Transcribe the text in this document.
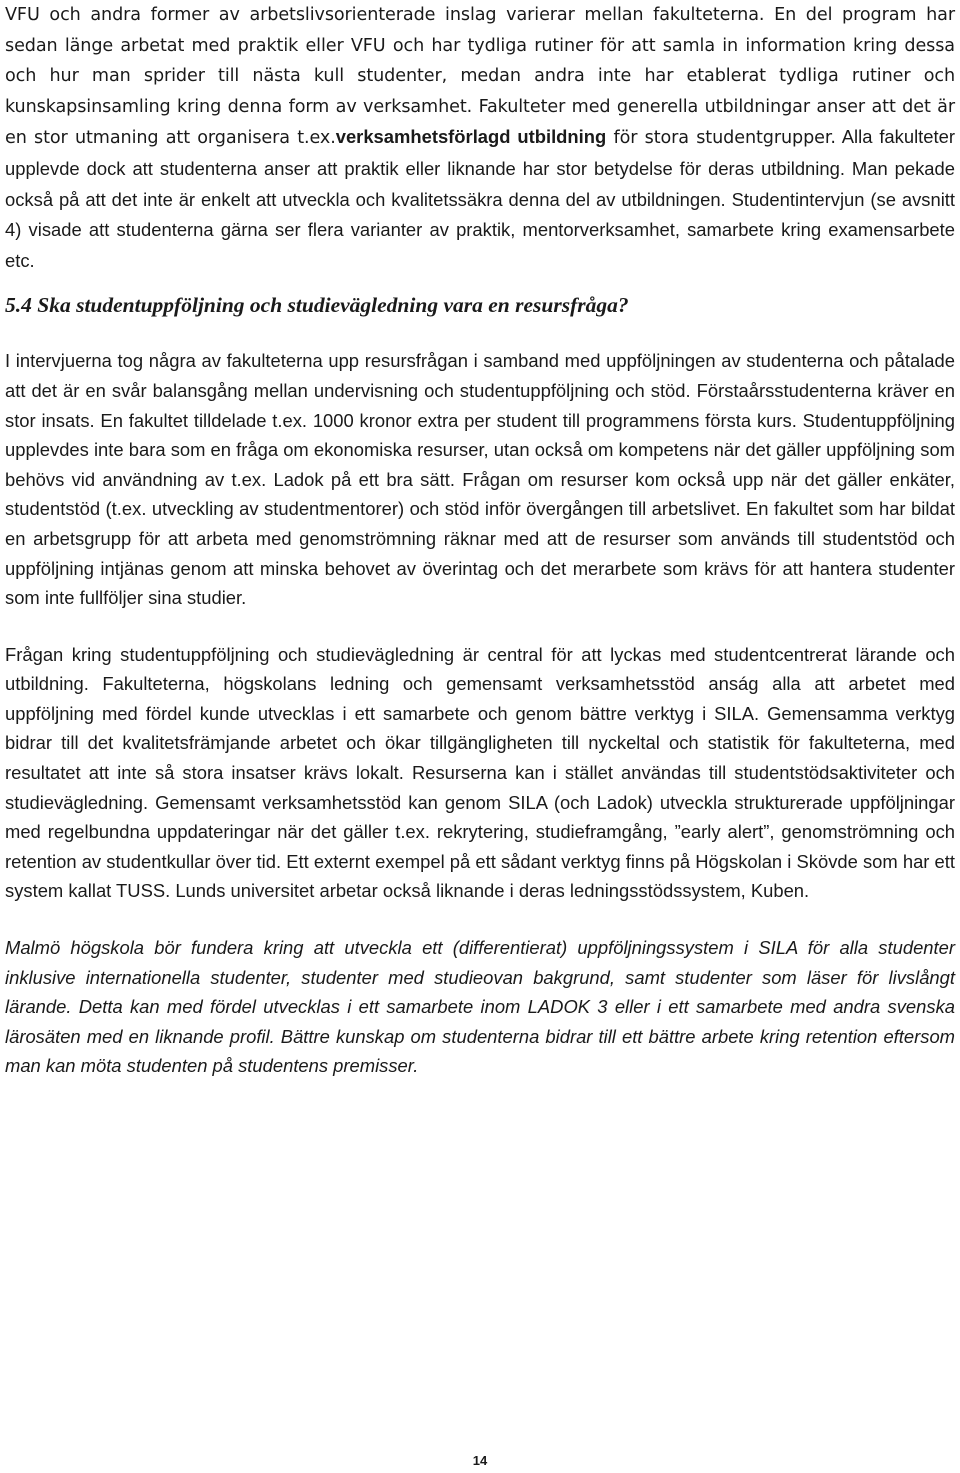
VFU och andra former av arbetslivsorienterade inslag varierar mellan fakulteterna. En del program har sedan länge arbetat med praktik eller VFU och har tydliga rutiner för att samla in information kring dessa och hur man sprider till nästa kull studenter, medan andra inte har etablerat tydliga rutiner och kunskapsinsamling kring denna form av verksamhet. Fakulteter med generella utbildningar anser att det är en stor utmaning att organisera t.ex.verksamhetsförlagd utbildning för stora studentgrupper. Alla fakulteter upplevde dock att studenterna anser att praktik eller liknande har stor betydelse för deras utbildning. Man pekade också på att det inte är enkelt att utveckla och kvalitetssäkra denna del av utbildningen. Studentintervjun (se avsnitt 4) visade att studenterna gärna ser flera varianter av praktik, mentorverksamhet, samarbete kring examensarbete etc.

5.4 Ska studentuppföljning och studievägledning vara en resursfråga?

I intervjuerna tog några av fakulteterna upp resursfrågan i samband med uppföljningen av studenterna och påtalade att det är en svår balansgång mellan undervisning och studentuppföljning och stöd. Förstaårsstudenterna kräver en stor insats. En fakultet tilldelade t.ex. 1000 kronor extra per student till programmens första kurs. Studentuppföljning upplevdes inte bara som en fråga om ekonomiska resurser, utan också om kompetens när det gäller uppföljning som behövs vid användning av t.ex. Ladok på ett bra sätt. Frågan om resurser kom också upp när det gäller enkäter, studentstöd (t.ex. utveckling av studentmentorer) och stöd inför övergången till arbetslivet. En fakultet som har bildat en arbetsgrupp för att arbeta med genomströmning räknar med att de resurser som används till studentstöd och uppföljning intjänas genom att minska behovet av överintag och det merarbete som krävs för att hantera studenter som inte fullföljer sina studier.

Frågan kring studentuppföljning och studievägledning är central för att lyckas med studentcentrerat lärande och utbildning. Fakulteterna, högskolans ledning och gemensamt verksamhetsstöd anság alla att arbetet med uppföljning med fördel kunde utvecklas i ett samarbete och genom bättre verktyg i SILA. Gemensamma verktyg bidrar till det kvalitetsfrämjande arbetet och ökar tillgängligheten till nyckeltal och statistik för fakulteterna, med resultatet att inte så stora insatser krävs lokalt. Resurserna kan i stället användas till studentstödsaktiviteter och studievägledning. Gemensamt verksamhetsstöd kan genom SILA (och Ladok) utveckla strukturerade uppföljningar med regelbundna uppdateringar när det gäller t.ex. rekrytering, studieframgång, ”early alert”, genomströmning och retention av studentkullar över tid. Ett externt exempel på ett sådant verktyg finns på Högskolan i Skövde som har ett system kallat TUSS. Lunds universitet arbetar också liknande i deras ledningsstödssystem, Kuben.

Malmö högskola bör fundera kring att utveckla ett (differentierat) uppföljningssystem i SILA för alla studenter inklusive internationella studenter, studenter med studieovan bakgrund, samt studenter som läser för livslångt lärande. Detta kan med fördel utvecklas i ett samarbete inom LADOK 3 eller i ett samarbete med andra svenska lärosäten med en liknande profil. Bättre kunskap om studenterna bidrar till ett bättre arbete kring retention eftersom man kan möta studenten på studentens premisser.

14
